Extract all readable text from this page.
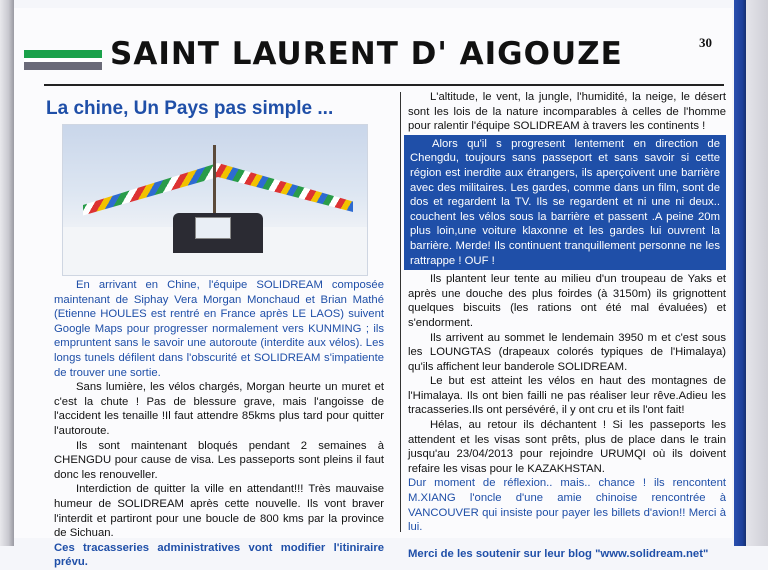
SAINT LAURENT D' AIGOUZE	30
La chine, Un Pays pas simple ...

En arrivant en Chine, l'équipe SOLIDREAM composée maintenant de Siphay Vera Morgan Monchaud et Brian Mathé (Etienne HOULES est rentré en France après LE LAOS) suivent Google Maps pour progresser normalement vers KUNMING ; ils empruntent sans le savoir une autoroute (interdite aux vélos). Les longs tunels défilent dans l'obscurité et SOLIDREAM s'impatiente de trouver une sortie.

Sans lumière, les vélos chargés, Morgan heurte un muret et c'est la chute ! Pas de blessure grave, mais l'angoisse de l'accident les tenaille !Il faut attendre 85kms plus tard pour quitter l'autoroute.

Ils sont maintenant bloqués pendant 2 semaines à CHENGDU pour cause de visa. Les passeports sont pleins il faut donc les renouveller.

Interdiction de quitter la ville en attendant!!! Très mauvaise humeur de SOLIDREAM après cette nouvelle. Ils vont braver l'interdit et partiront pour une boucle de 800 kms par la province de Sichuan.

Ces tracasseries administratives vont modifier l'itiniraire prévu.

L'altitude, le vent, la jungle, l'humidité, la neige, le désert sont les lois de la nature incomparables à celles de l'homme pour ralentir l'équipe SOLIDREAM à travers les continents !

Alors qu'il s progresent lentement en direction de Chengdu, toujours sans passeport et sans savoir si cette région est inerdite aux étrangers, ils aperçoivent une barrière avec des militaires. Les gardes, comme dans un film, sont de dos et regardent la TV. Ils se regardent et ni une ni deux.. couchent les vélos sous la barrière et passent .A peine 20m plus loin,une voiture klaxonne et les gardes lui ouvrent la barrière. Merde! Ils continuent tranquillement personne ne les rattrappe ! OUF !

Ils plantent leur tente au milieu d'un troupeau de Yaks et après une douche des plus foirdes (à 3150m) ils grignottent quelques biscuits (les rations ont été mal évaluées) et s'endorment.

Ils arrivent au sommet le lendemain 3950 m et c'est sous les LOUNGTAS (drapeaux colorés typiques de l'Himalaya) qu'ils affichent leur banderole SOLIDREAM.

Le but est atteint les vélos en haut des montagnes de l'Himalaya. Ils ont bien failli ne pas réaliser leur rêve.Adieu les tracasseries.Ils ont persévéré, il y ont cru et ils l'ont fait!

Hélas, au retour ils déchantent ! Si les passeports les attendent et les visas sont prêts, plus de place dans le train jusqu'au 23/04/2013 pour rejoindre URUMQI où ils doivent refaire les visas pour le KAZAKHSTAN.

Dur moment de réflexion.. mais.. chance ! ils rencontent M.XIANG l'oncle d'une amie chinoise rencontrée à VANCOUVER qui insiste pour payer les billets d'avion!! Merci à lui.

Merci de les soutenir sur leur blog "www.solidream.net"
